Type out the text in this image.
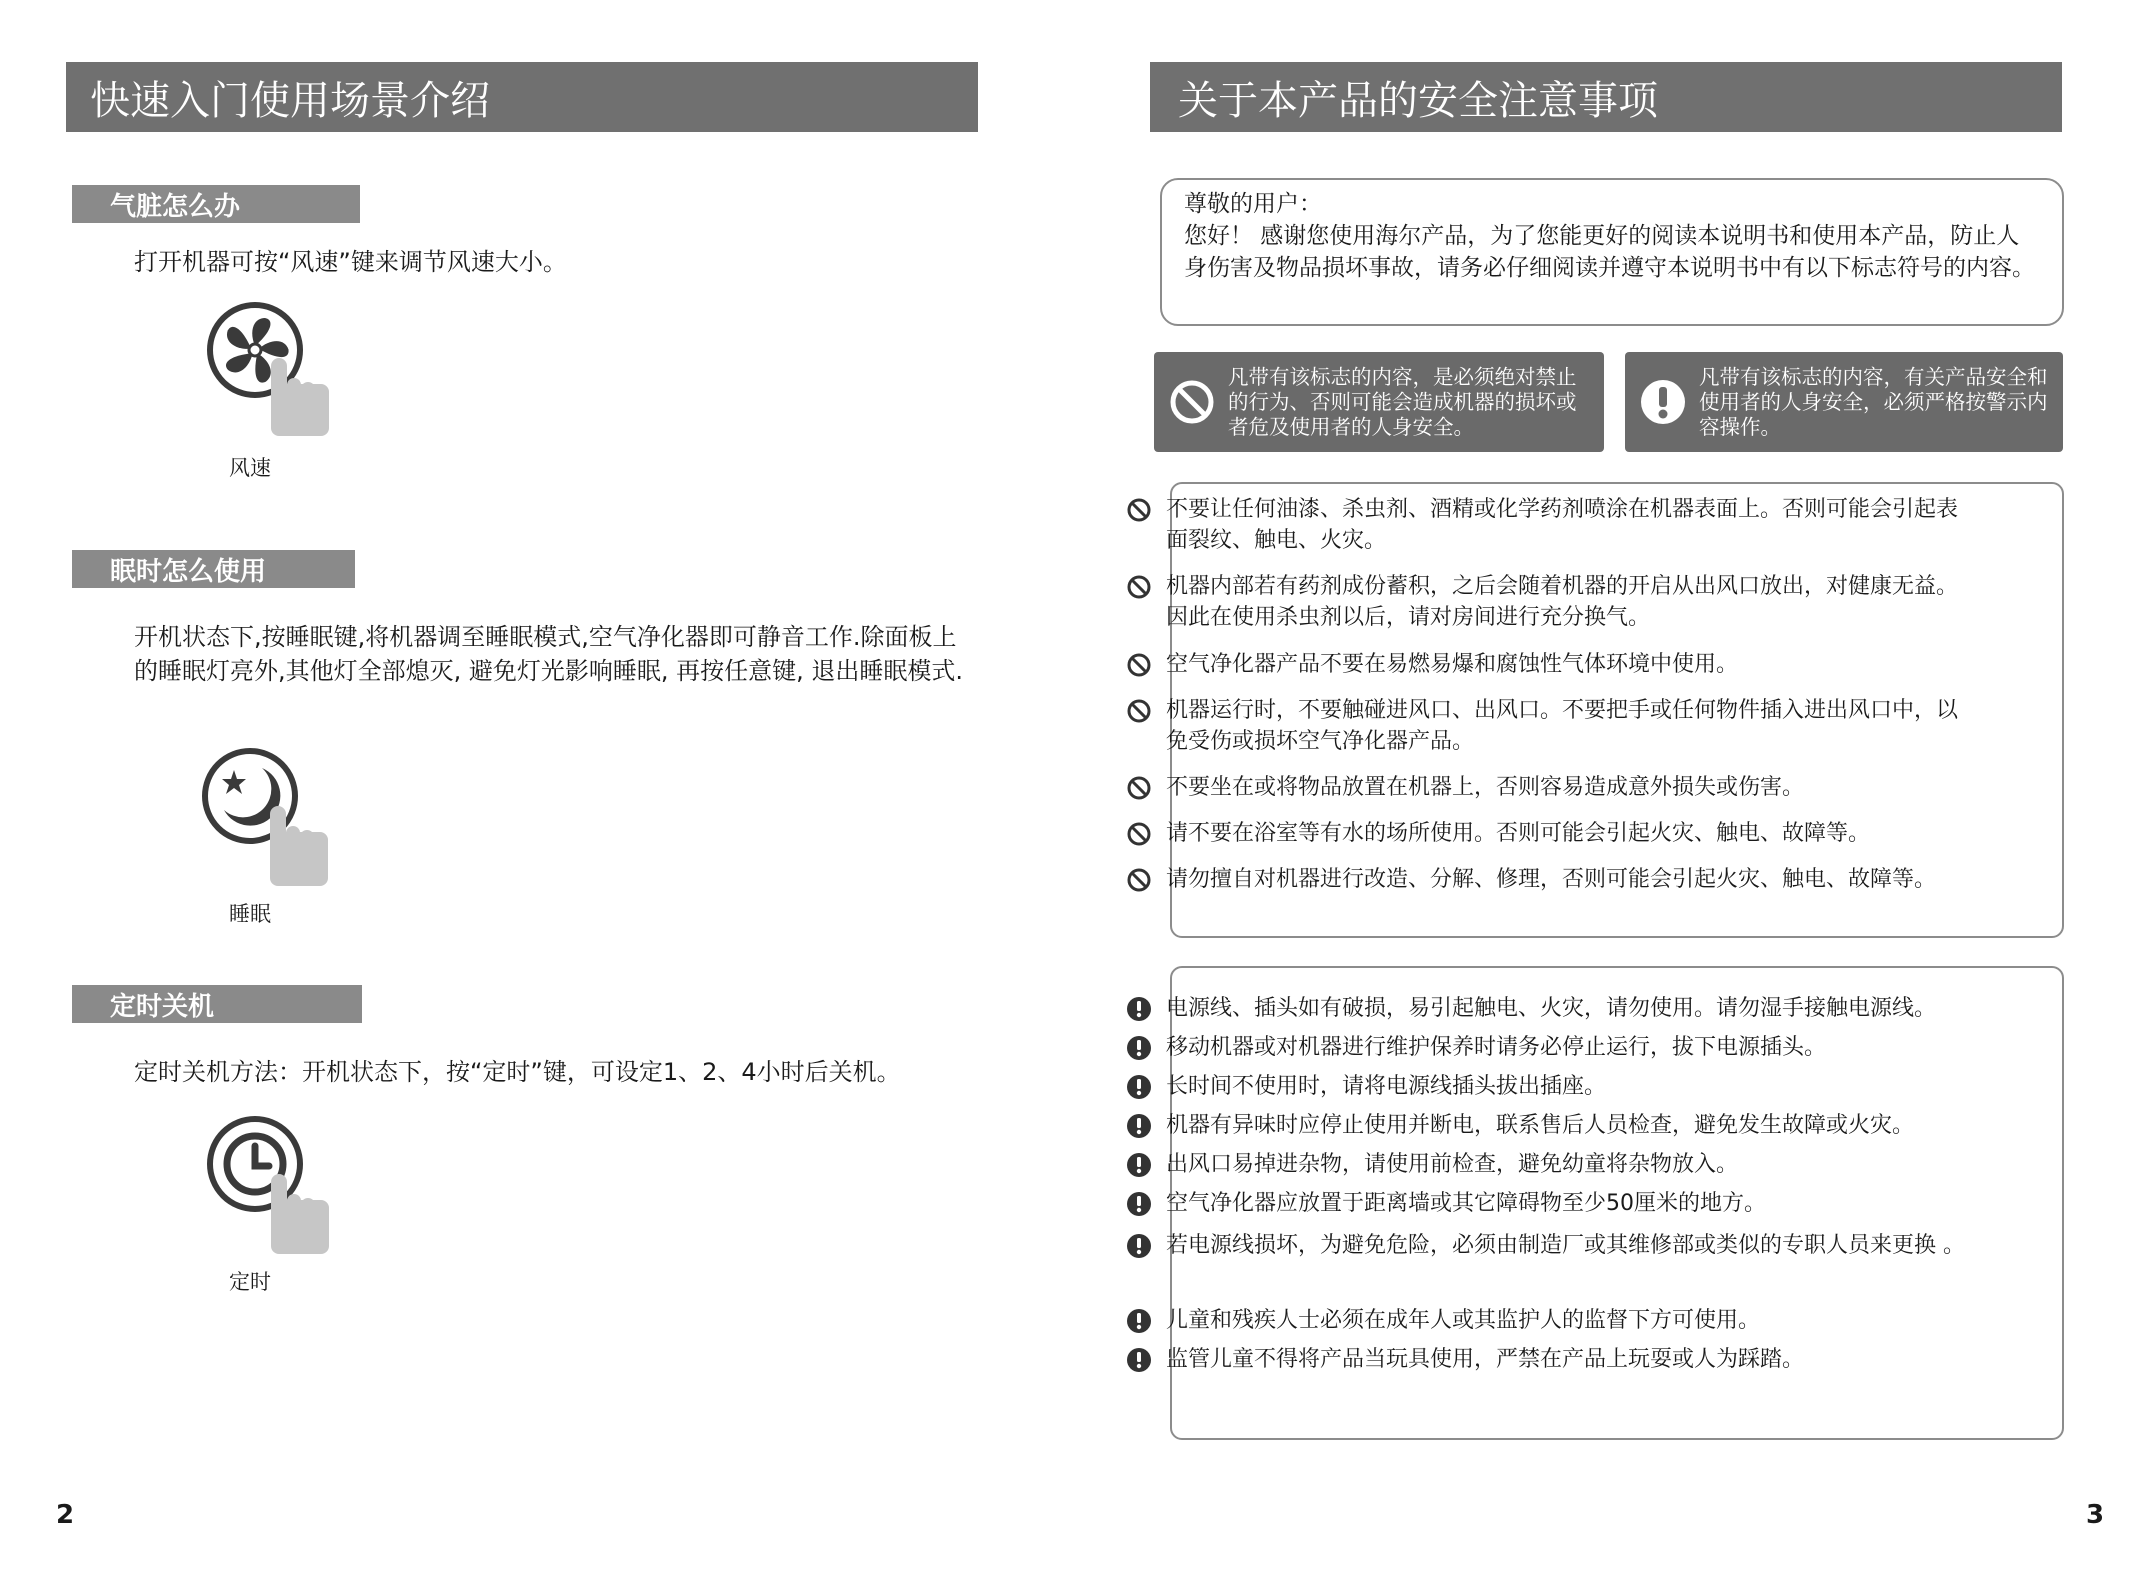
快速入门使用场景介绍
气脏怎么办
打开机器可按“风速”键来调节风速大小。
风速
眠时怎么使用
开机状态下,按睡眠键,将机器调至睡眠模式,空气净化器即可静音工作.除面板上的睡眠灯亮外,其他灯全部熄灭, 避免灯光影响睡眠, 再按任意键, 退出睡眠模式.
睡眠
定时关机
定时关机方法：开机状态下，按“定时”键，可设定1、2、4小时后关机。
定时
2
关于本产品的安全注意事项
尊敬的用户：
您好！ 感谢您使用海尔产品，为了您能更好的阅读本说明书和使用本产品，防止人身伤害及物品损坏事故，请务必仔细阅读并遵守本说明书中有以下标志符号的内容。
凡带有该标志的内容，是必须绝对禁止的行为、否则可能会造成机器的损坏或者危及使用者的人身安全。
凡带有该标志的内容，有关产品安全和使用者的人身安全，必须严格按警示内容操作。
不要让任何油漆、杀虫剂、酒精或化学药剂喷涂在机器表面上。否则可能会引起表面裂纹、触电、火灾。
机器内部若有药剂成份蓄积，之后会随着机器的开启从出风口放出，对健康无益。因此在使用杀虫剂以后，请对房间进行充分换气。
空气净化器产品不要在易燃易爆和腐蚀性气体环境中使用。
机器运行时，不要触碰进风口、出风口。不要把手或任何物件插入进出风口中，以免受伤或损坏空气净化器产品。
不要坐在或将物品放置在机器上，否则容易造成意外损失或伤害。
请不要在浴室等有水的场所使用。否则可能会引起火灾、触电、故障等。
请勿擅自对机器进行改造、分解、修理，否则可能会引起火灾、触电、故障等。
电源线、插头如有破损，易引起触电、火灾，请勿使用。请勿湿手接触电源线。
移动机器或对机器进行维护保养时请务必停止运行，拔下电源插头。
长时间不使用时，请将电源线插头拔出插座。
机器有异味时应停止使用并断电，联系售后人员检查，避免发生故障或火灾。
出风口易掉进杂物，请使用前检查，避免幼童将杂物放入。
空气净化器应放置于距离墙或其它障碍物至少50厘米的地方。
若电源线损坏，为避免危险，必须由制造厂或其维修部或类似的专职人员来更换 。
儿童和残疾人士必须在成年人或其监护人的监督下方可使用。
监管儿童不得将产品当玩具使用，严禁在产品上玩耍或人为踩踏。
3
